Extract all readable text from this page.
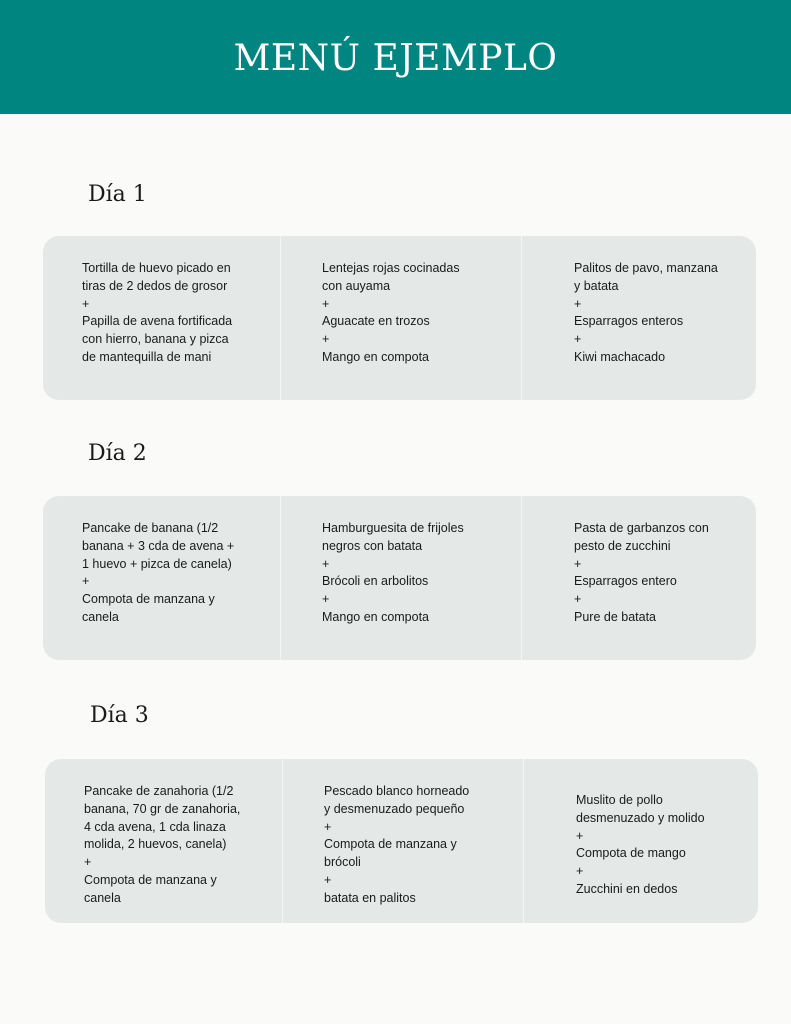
MENÚ EJEMPLO
Día 1
Tortilla de huevo picado en
tiras de 2 dedos de grosor
+
Papilla de avena fortificada
con hierro, banana y pizca
de mantequilla de mani
Lentejas rojas cocinadas
con auyama
+
Aguacate en trozos
+
Mango en compota
Palitos de pavo, manzana
y batata
+
Esparragos enteros
+
Kiwi machacado
Día 2
Pancake de banana (1/2
banana + 3 cda de avena +
1 huevo + pizca de canela)
+
Compota de manzana y
canela
Hamburguesita de frijoles
negros con batata
+
Brócoli en arbolitos
+
Mango en compota
Pasta de garbanzos con
pesto de zucchini
+
Esparragos entero
+
Pure de batata
Día 3
Pancake de zanahoria (1/2
banana, 70 gr de zanahoria,
4 cda avena, 1 cda linaza
molida, 2 huevos, canela)
+
Compota de manzana y
canela
Pescado blanco horneado
y desmenuzado pequeño
+
Compota de manzana y
brócoli
+
batata en palitos
Muslito de pollo
desmenuzado y molido
+
Compota de mango
+
Zucchini en dedos
